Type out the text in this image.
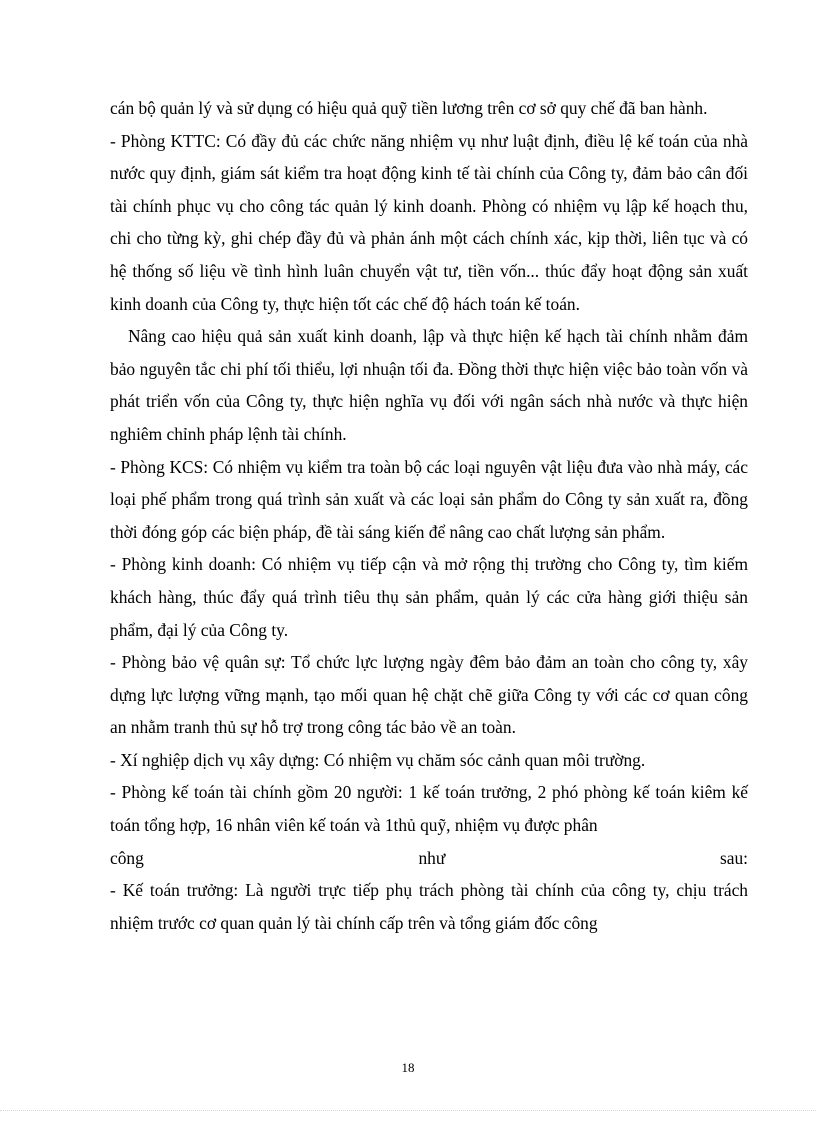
cán bộ quản lý và sử dụng có hiệu quả quỹ tiền lương trên cơ sở quy chế đã ban hành.

- Phòng KTTC: Có đầy đủ các chức năng nhiệm vụ như luật định, điều lệ kế toán của nhà nước quy định, giám sát kiểm tra hoạt động kinh tế tài chính của Công ty, đảm bảo cân đối tài chính phục vụ cho công tác quản lý kinh doanh. Phòng có nhiệm vụ lập kế hoạch thu, chi cho từng kỳ, ghi chép đầy đủ và phản ánh một cách chính xác, kịp thời, liên tục và có hệ thống số liệu về tình hình luân chuyển vật tư, tiền vốn... thúc đẩy hoạt động sản xuất kinh doanh của Công ty, thực hiện tốt các chế độ hách toán kế toán.

Nâng cao hiệu quả sản xuất kinh doanh, lập và thực hiện kế hạch tài chính nhằm đảm bảo nguyên tắc chi phí tối thiểu, lợi nhuận tối đa. Đồng thời thực hiện việc bảo toàn vốn và phát triển vốn của Công ty, thực hiện nghĩa vụ đối với ngân sách nhà nước và thực hiện nghiêm chỉnh pháp lệnh tài chính.

- Phòng KCS: Có nhiệm vụ kiểm tra toàn bộ các loại nguyên vật liệu đưa vào nhà máy, các loại phế phẩm trong quá trình sản xuất và các loại sản phẩm do Công ty sản xuất ra, đồng thời đóng góp các biện pháp, đề tài sáng kiến để nâng cao chất lượng sản phẩm.

- Phòng kinh doanh: Có nhiệm vụ tiếp cận và mở rộng thị trường cho Công ty, tìm kiếm khách hàng, thúc đẩy quá trình tiêu thụ sản phẩm, quản lý các cửa hàng giới thiệu sản phẩm, đại lý của Công ty.

- Phòng bảo vệ quân sự: Tổ chức lực lượng ngày đêm bảo đảm an toàn cho công ty, xây dựng lực lượng vững mạnh, tạo mối quan hệ chặt chẽ giữa Công ty với các cơ quan công an nhằm tranh thủ sự hỗ trợ trong công tác bảo về an toàn.

- Xí nghiệp dịch vụ xây dựng: Có nhiệm vụ chăm sóc cảnh quan môi trường.

- Phòng kế toán tài chính gồm 20 người: 1 kế toán trưởng, 2 phó phòng kế toán kiêm kế toán tổng hợp, 16 nhân viên kế toán và 1thủ quỹ, nhiệm vụ được phân

công	như	sau:

- Kế toán trưởng: Là người trực tiếp phụ trách phòng tài chính của công ty, chịu trách nhiệm trước cơ quan quản lý tài chính cấp trên và tổng giám đốc công

18
